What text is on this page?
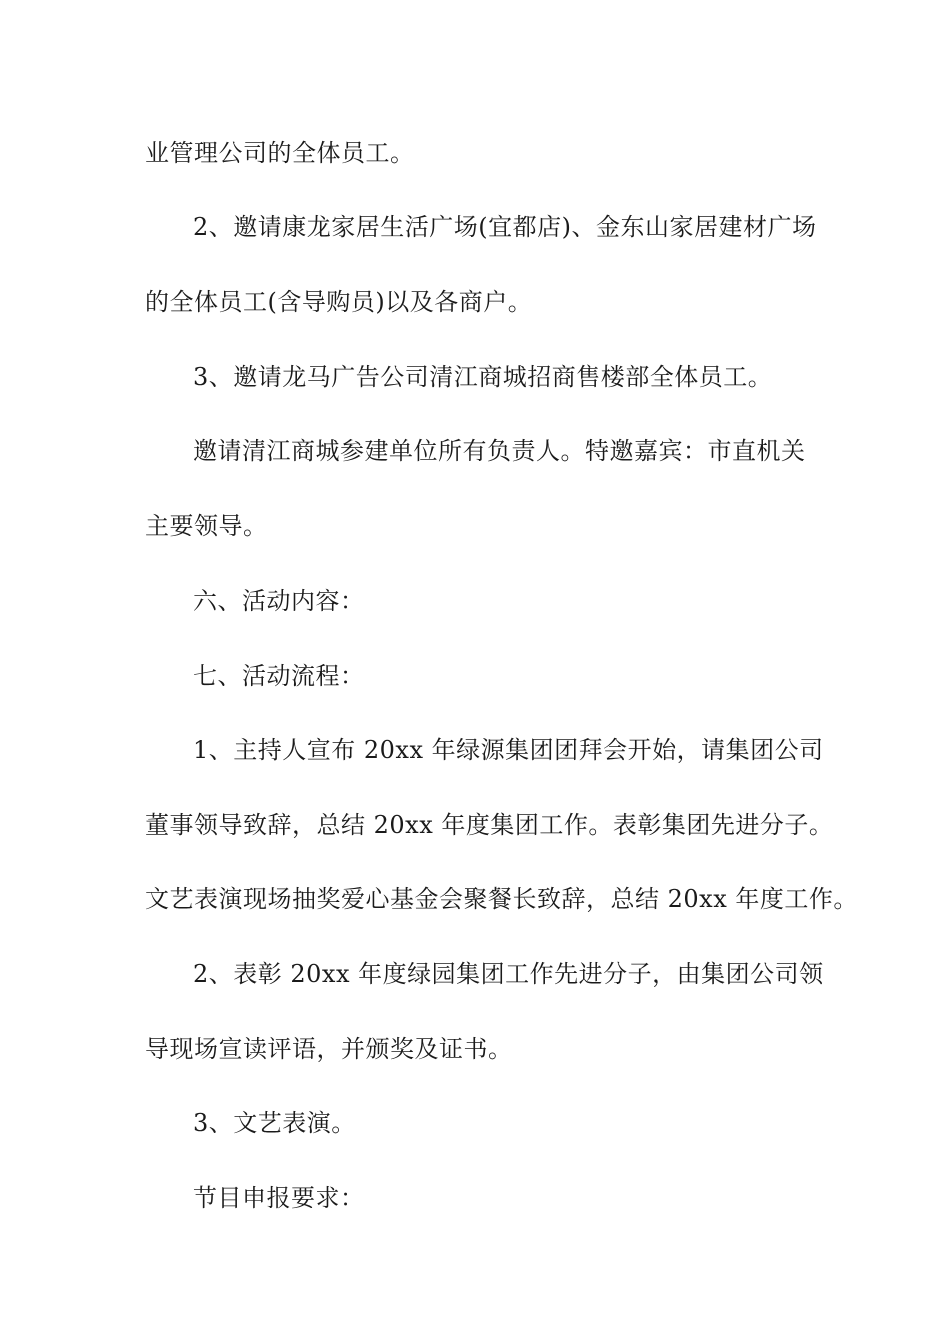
业管理公司的全体员工。
2、邀请康龙家居生活广场(宜都店)、金东山家居建材广场
的全体员工(含导购员)以及各商户。
3、邀请龙马广告公司清江商城招商售楼部全体员工。
邀请清江商城参建单位所有负责人。特邀嘉宾：市直机关
主要领导。
六、活动内容：
七、活动流程：
1、主持人宣布 20xx 年绿源集团团拜会开始，请集团公司
董事领导致辞，总结 20xx 年度集团工作。表彰集团先进分子。
文艺表演现场抽奖爱心基金会聚餐长致辞，总结 20xx 年度工作。
2、表彰 20xx 年度绿园集团工作先进分子，由集团公司领
导现场宣读评语，并颁奖及证书。
3、文艺表演。
节目申报要求：
